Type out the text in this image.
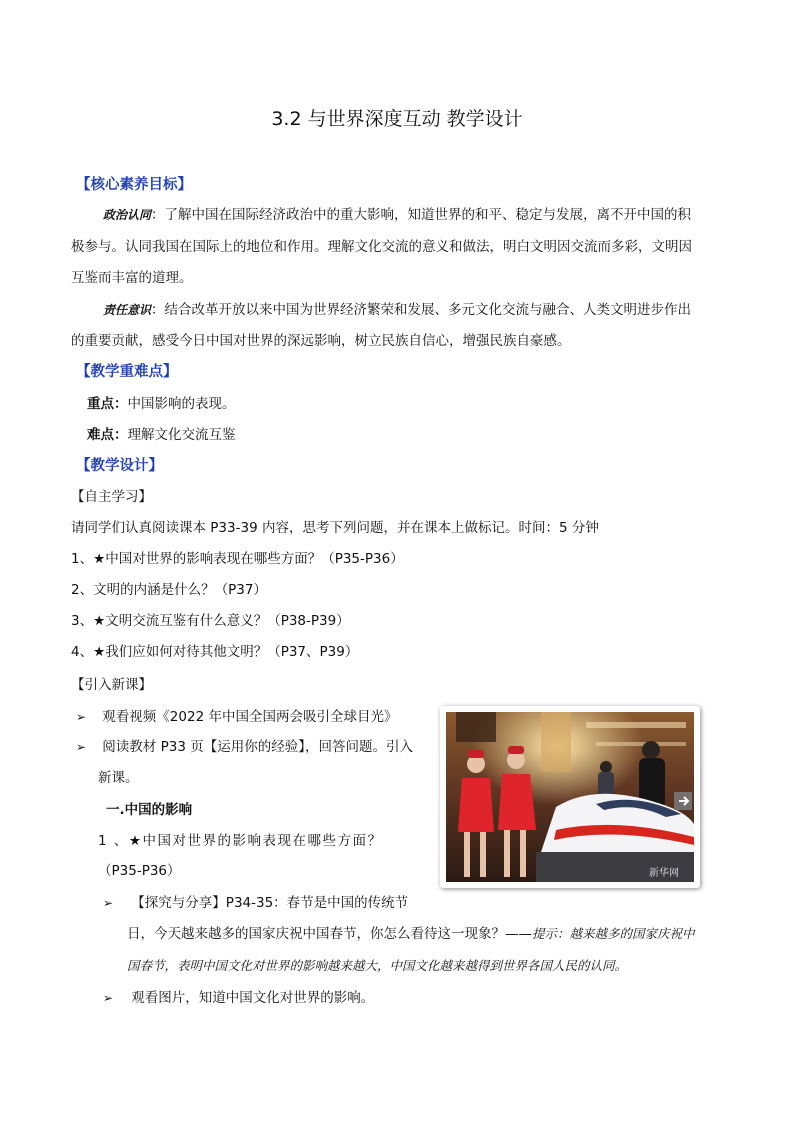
3.2 与世界深度互动 教学设计
【核心素养目标】
政治认同：了解中国在国际经济政治中的重大影响，知道世界的和平、稳定与发展，离不开中国的积
极参与。认同我国在国际上的地位和作用。理解文化交流的意义和做法，明白文明因交流而多彩，文明因
互鉴而丰富的道理。
责任意识：结合改革开放以来中国为世界经济繁荣和发展、多元文化交流与融合、人类文明进步作出
的重要贡献，感受今日中国对世界的深远影响，树立民族自信心，增强民族自豪感。
【教学重难点】
重点：中国影响的表现。
难点：理解文化交流互鉴
【教学设计】
【自主学习】
请同学们认真阅读课本 P33-39 内容，思考下列问题，并在课本上做标记。时间：5 分钟
1、★中国对世界的影响表现在哪些方面？（P35-P36）
2、文明的内涵是什么？（P37）
3、★文明交流互鉴有什么意义？（P38-P39）
4、★我们应如何对待其他文明？（P37、P39）
【引入新课】
➢ 观看视频《2022 年中国全国两会吸引全球目光》
➢ 阅读教材 P33 页【运用你的经验】，回答问题。引入
新课。
一.中国的影响
1 、★中国对世界的影响表现在哪些方面？
（P35-P36）
➢ 【探究与分享】P34-35：春节是中国的传统节
日，今天越来越多的国家庆祝中国春节，你怎么看待这一现象？——提示：越来越多的国家庆祝中
国春节，表明中国文化对世界的影响越来越大，中国文化越来越得到世界各国人民的认同。
➢ 观看图片，知道中国文化对世界的影响。
新华网
